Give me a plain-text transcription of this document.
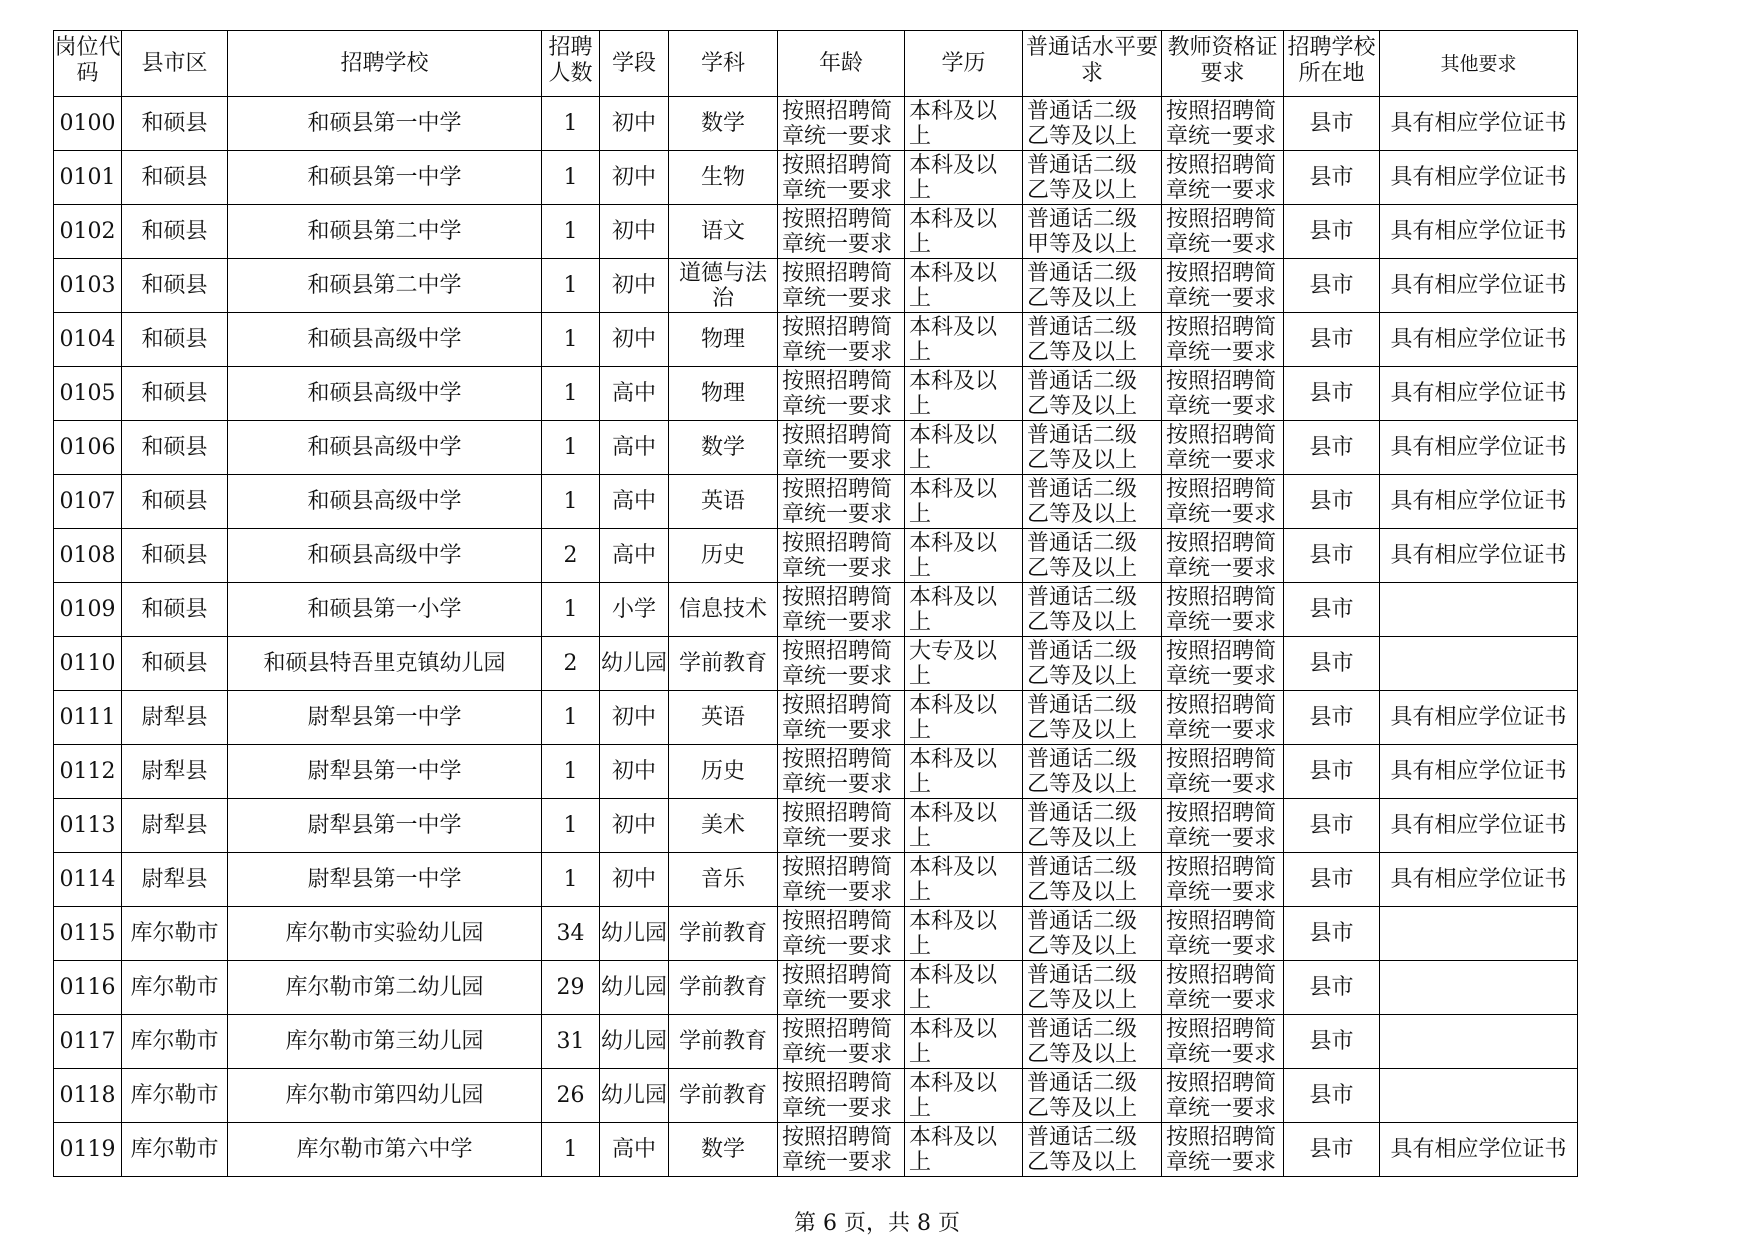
岗位代码	县市区	招聘学校	招聘人数	学段	学科	年龄	学历	普通话水平要求	教师资格证要求	招聘学校所在地	其他要求
0100	和硕县	和硕县第一中学	1	初中	数学	按照招聘简章统一要求	本科及以上	普通话二级乙等及以上	按照招聘简章统一要求	县市	具有相应学位证书
0101	和硕县	和硕县第一中学	1	初中	生物	按照招聘简章统一要求	本科及以上	普通话二级乙等及以上	按照招聘简章统一要求	县市	具有相应学位证书
0102	和硕县	和硕县第二中学	1	初中	语文	按照招聘简章统一要求	本科及以上	普通话二级甲等及以上	按照招聘简章统一要求	县市	具有相应学位证书
0103	和硕县	和硕县第二中学	1	初中	道德与法治	按照招聘简章统一要求	本科及以上	普通话二级乙等及以上	按照招聘简章统一要求	县市	具有相应学位证书
0104	和硕县	和硕县高级中学	1	初中	物理	按照招聘简章统一要求	本科及以上	普通话二级乙等及以上	按照招聘简章统一要求	县市	具有相应学位证书
0105	和硕县	和硕县高级中学	1	高中	物理	按照招聘简章统一要求	本科及以上	普通话二级乙等及以上	按照招聘简章统一要求	县市	具有相应学位证书
0106	和硕县	和硕县高级中学	1	高中	数学	按照招聘简章统一要求	本科及以上	普通话二级乙等及以上	按照招聘简章统一要求	县市	具有相应学位证书
0107	和硕县	和硕县高级中学	1	高中	英语	按照招聘简章统一要求	本科及以上	普通话二级乙等及以上	按照招聘简章统一要求	县市	具有相应学位证书
0108	和硕县	和硕县高级中学	2	高中	历史	按照招聘简章统一要求	本科及以上	普通话二级乙等及以上	按照招聘简章统一要求	县市	具有相应学位证书
0109	和硕县	和硕县第一小学	1	小学	信息技术	按照招聘简章统一要求	本科及以上	普通话二级乙等及以上	按照招聘简章统一要求	县市	
0110	和硕县	和硕县特吾里克镇幼儿园	2	幼儿园	学前教育	按照招聘简章统一要求	大专及以上	普通话二级乙等及以上	按照招聘简章统一要求	县市	
0111	尉犁县	尉犁县第一中学	1	初中	英语	按照招聘简章统一要求	本科及以上	普通话二级乙等及以上	按照招聘简章统一要求	县市	具有相应学位证书
0112	尉犁县	尉犁县第一中学	1	初中	历史	按照招聘简章统一要求	本科及以上	普通话二级乙等及以上	按照招聘简章统一要求	县市	具有相应学位证书
0113	尉犁县	尉犁县第一中学	1	初中	美术	按照招聘简章统一要求	本科及以上	普通话二级乙等及以上	按照招聘简章统一要求	县市	具有相应学位证书
0114	尉犁县	尉犁县第一中学	1	初中	音乐	按照招聘简章统一要求	本科及以上	普通话二级乙等及以上	按照招聘简章统一要求	县市	具有相应学位证书
0115	库尔勒市	库尔勒市实验幼儿园	34	幼儿园	学前教育	按照招聘简章统一要求	本科及以上	普通话二级乙等及以上	按照招聘简章统一要求	县市	
0116	库尔勒市	库尔勒市第二幼儿园	29	幼儿园	学前教育	按照招聘简章统一要求	本科及以上	普通话二级乙等及以上	按照招聘简章统一要求	县市	
0117	库尔勒市	库尔勒市第三幼儿园	31	幼儿园	学前教育	按照招聘简章统一要求	本科及以上	普通话二级乙等及以上	按照招聘简章统一要求	县市	
0118	库尔勒市	库尔勒市第四幼儿园	26	幼儿园	学前教育	按照招聘简章统一要求	本科及以上	普通话二级乙等及以上	按照招聘简章统一要求	县市	
0119	库尔勒市	库尔勒市第六中学	1	高中	数学	按照招聘简章统一要求	本科及以上	普通话二级乙等及以上	按照招聘简章统一要求	县市	具有相应学位证书
第 6 页，共 8 页
